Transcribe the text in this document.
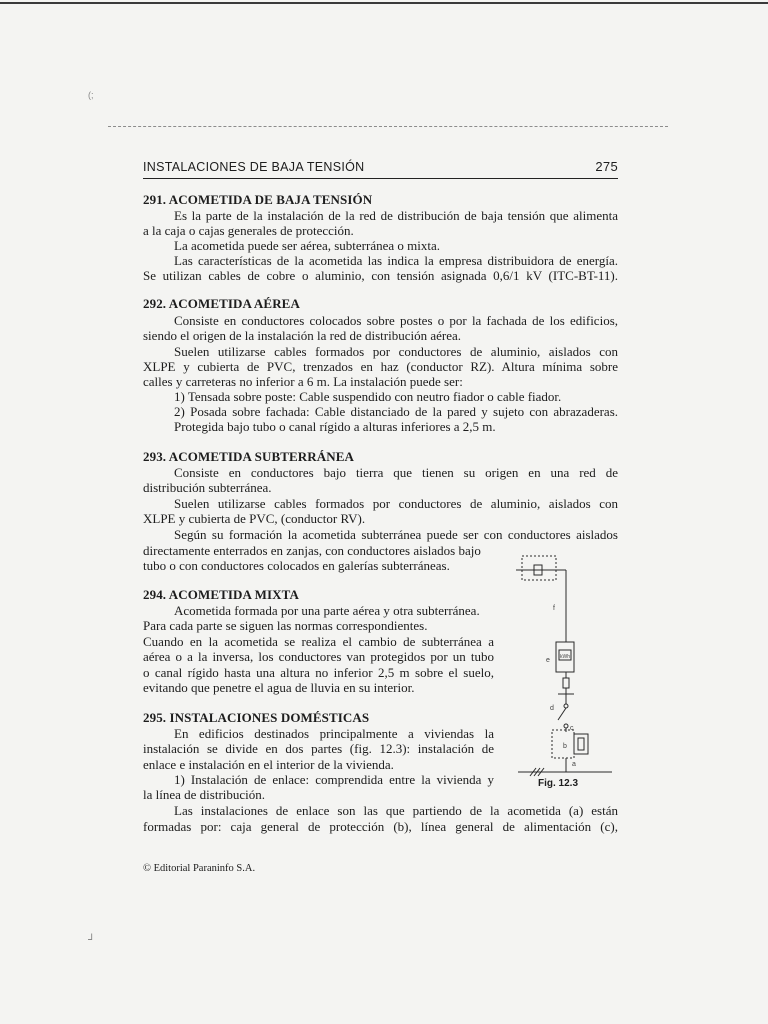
(;
⅃
INSTALACIONES DE BAJA TENSIÓN	275
291. ACOMETIDA DE BAJA TENSIÓN
Es la parte de la instalación de la red de distribución de baja tensión que alimenta
a la caja o cajas generales de protección.
La acometida puede ser aérea, subterránea o mixta.
Las características de la acometida las indica la empresa distribuidora de energía.
Se utilizan cables de cobre o aluminio, con tensión asignada 0,6/1 kV (ITC-BT-11).
292. ACOMETIDA AÉREA
Consiste en conductores colocados sobre postes o por la fachada de los edificios,
siendo el origen de la instalación la red de distribución aérea.
Suelen utilizarse cables formados por conductores de aluminio, aislados con
XLPE y cubierta de PVC, trenzados en haz (conductor RZ). Altura mínima sobre
calles y carreteras no inferior a 6 m. La instalación puede ser:
1) Tensada sobre poste: Cable suspendido con neutro fiador o cable fiador.
2) Posada sobre fachada: Cable distanciado de la pared y sujeto con abrazaderas.
Protegida bajo tubo o canal rígido a alturas inferiores a 2,5 m.
293. ACOMETIDA SUBTERRÁNEA
Consiste en conductores bajo tierra que tienen su origen en una red de
distribución subterránea.
Suelen utilizarse cables formados por conductores de aluminio, aislados con
XLPE y cubierta de PVC, (conductor RV).
Según su formación la acometida subterránea puede ser con conductores aislados
directamente enterrados en zanjas, con conductores aislados bajo
tubo o con conductores colocados en galerías subterráneas.
294. ACOMETIDA MIXTA
Acometida formada por una parte aérea y otra subterránea.
Para cada parte se siguen las normas correspondientes.
Cuando en la acometida se realiza el cambio de subterránea a
aérea o a la inversa, los conductores van protegidos por un tubo
o canal rígido hasta una altura no inferior 2,5 m sobre el suelo,
evitando que penetre el agua de lluvia en su interior.
295. INSTALACIONES DOMÉSTICAS
En edificios destinados principalmente a viviendas la
instalación se divide en dos partes (fig. 12.3): instalación de
enlace e instalación en el interior de la vivienda.
1) Instalación de enlace: comprendida entre la vivienda y
la línea de distribución.
Las instalaciones de enlace son las que partiendo de la acometida (a) están
formadas por: caja general de protección (b), línea general de alimentación (c),
f
e kWh
d
c
b
a
Fig. 12.3
© Editorial Paraninfo S.A.
